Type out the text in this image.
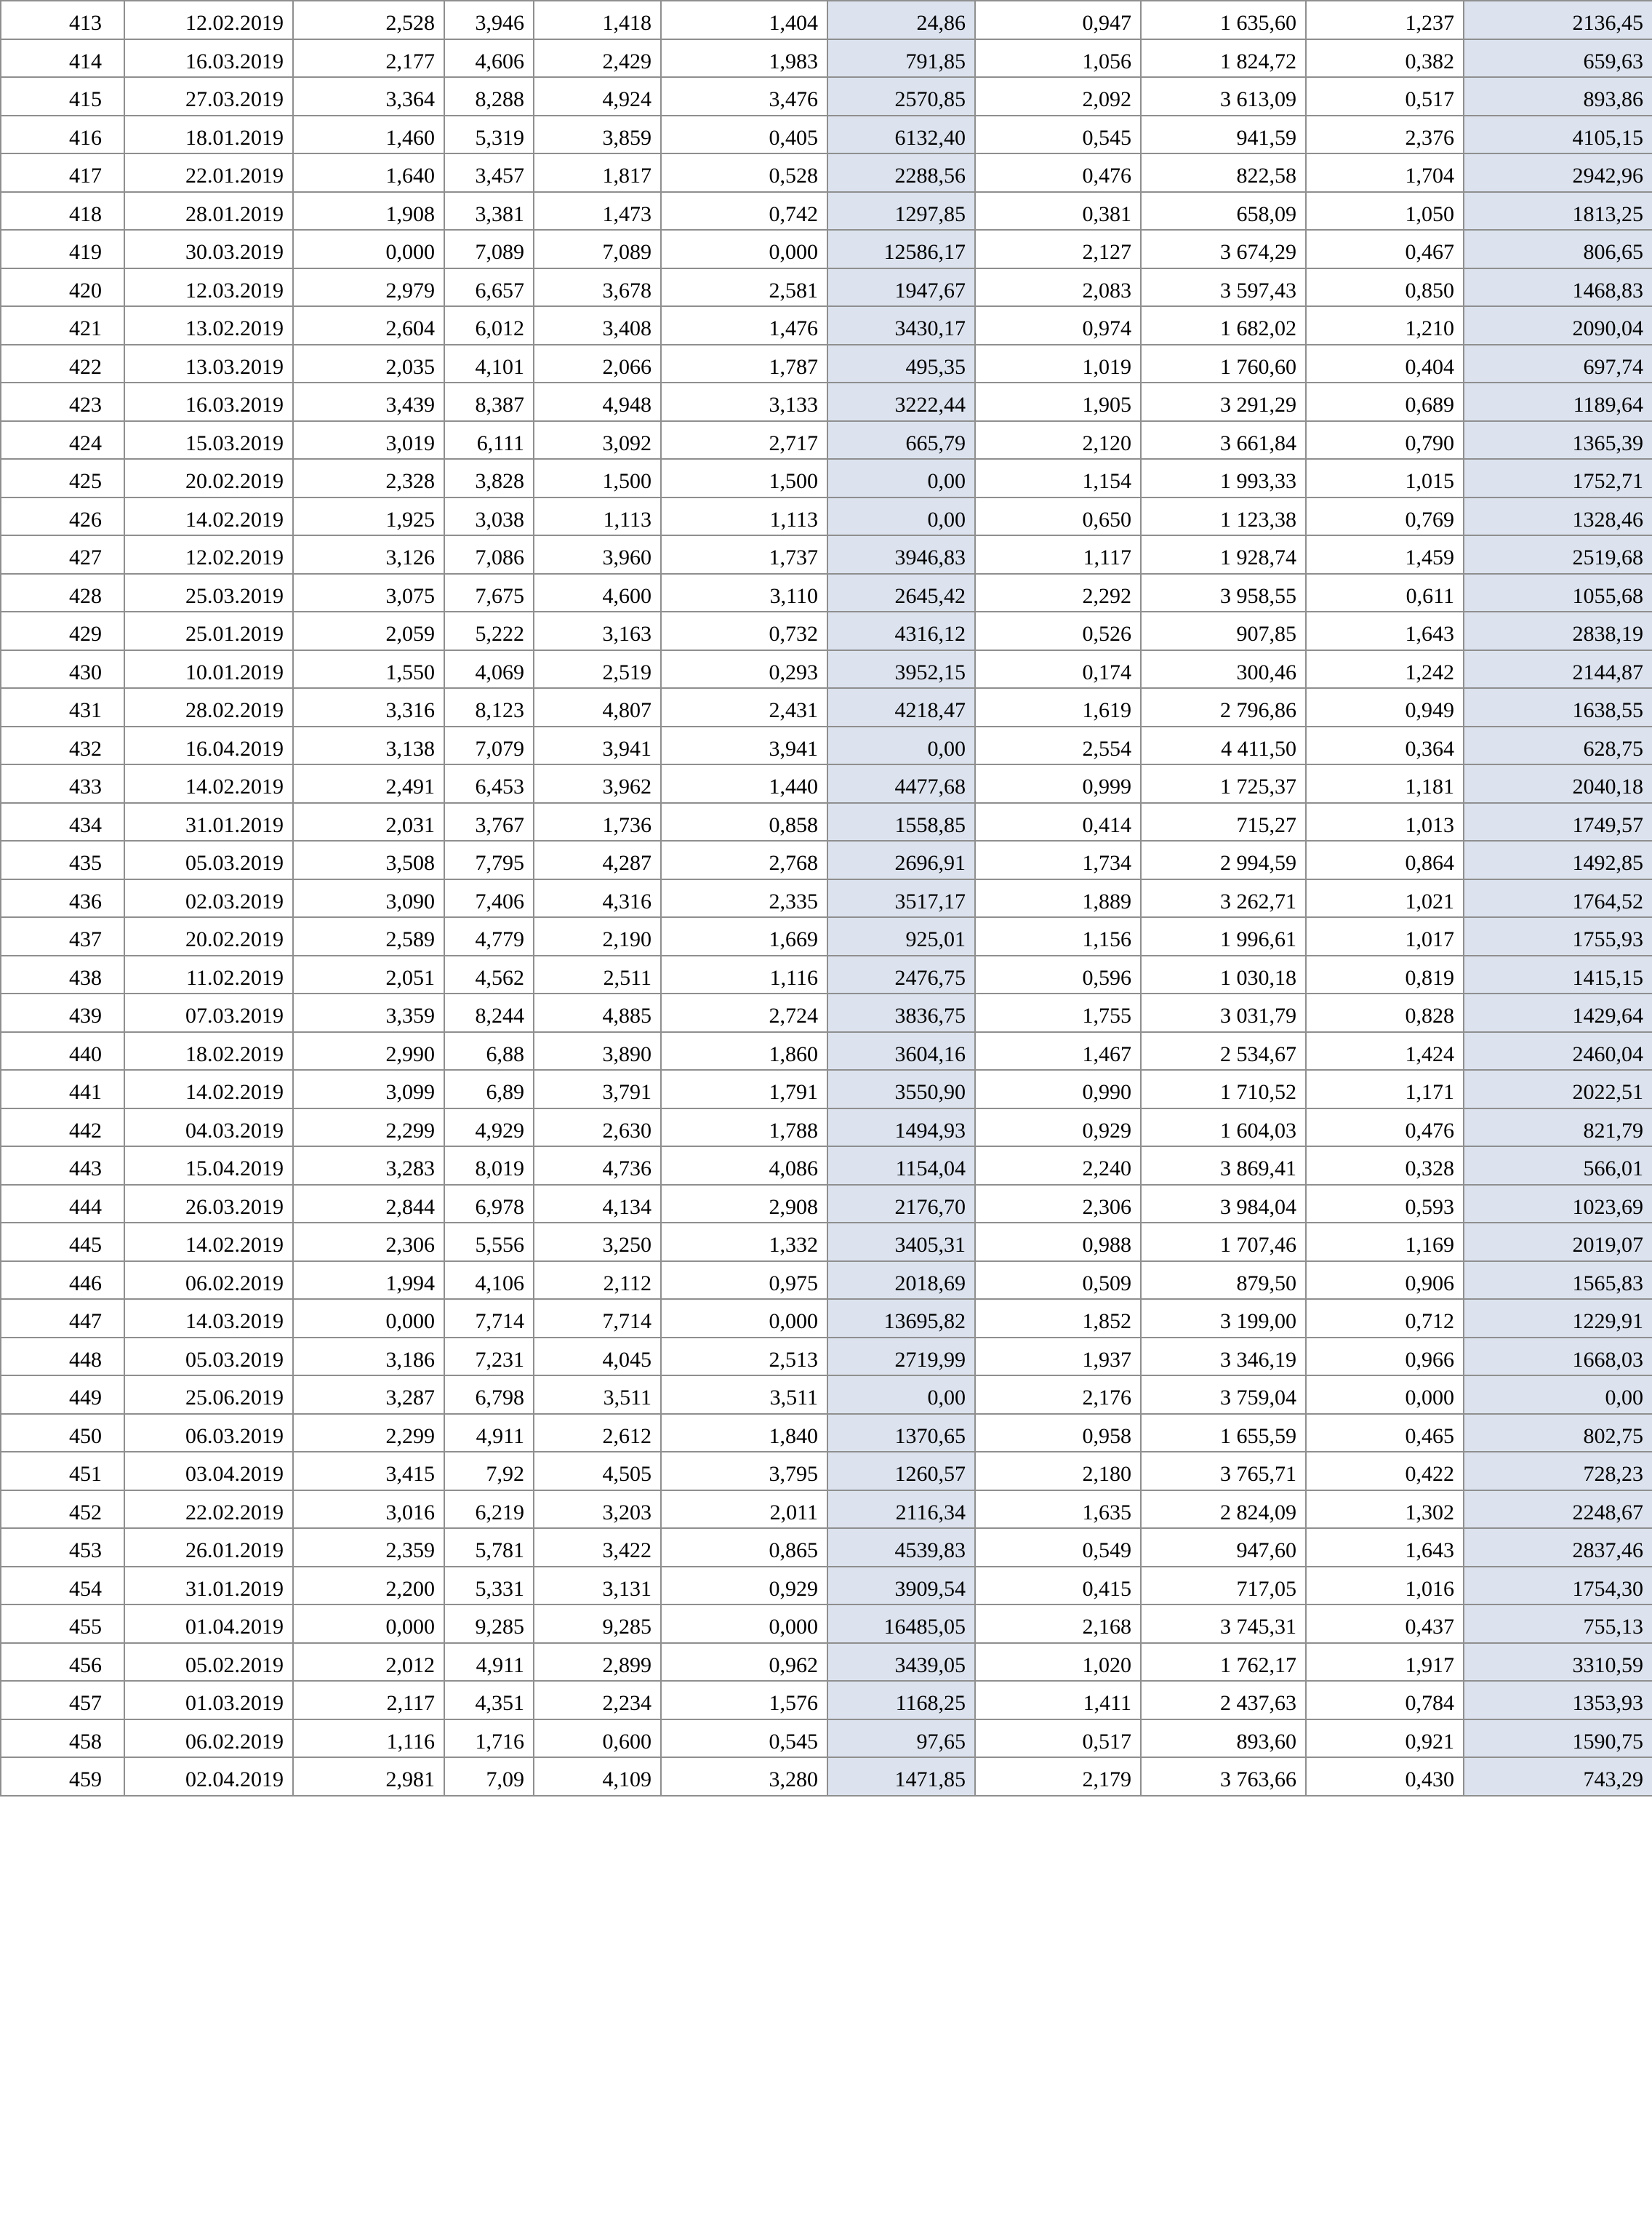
413	12.02.2019	2,528	3,946	1,418	1,404	24,86	0,947	1 635,60	1,237	2136,45
414	16.03.2019	2,177	4,606	2,429	1,983	791,85	1,056	1 824,72	0,382	659,63
415	27.03.2019	3,364	8,288	4,924	3,476	2570,85	2,092	3 613,09	0,517	893,86
416	18.01.2019	1,460	5,319	3,859	0,405	6132,40	0,545	941,59	2,376	4105,15
417	22.01.2019	1,640	3,457	1,817	0,528	2288,56	0,476	822,58	1,704	2942,96
418	28.01.2019	1,908	3,381	1,473	0,742	1297,85	0,381	658,09	1,050	1813,25
419	30.03.2019	0,000	7,089	7,089	0,000	12586,17	2,127	3 674,29	0,467	806,65
420	12.03.2019	2,979	6,657	3,678	2,581	1947,67	2,083	3 597,43	0,850	1468,83
421	13.02.2019	2,604	6,012	3,408	1,476	3430,17	0,974	1 682,02	1,210	2090,04
422	13.03.2019	2,035	4,101	2,066	1,787	495,35	1,019	1 760,60	0,404	697,74
423	16.03.2019	3,439	8,387	4,948	3,133	3222,44	1,905	3 291,29	0,689	1189,64
424	15.03.2019	3,019	6,111	3,092	2,717	665,79	2,120	3 661,84	0,790	1365,39
425	20.02.2019	2,328	3,828	1,500	1,500	0,00	1,154	1 993,33	1,015	1752,71
426	14.02.2019	1,925	3,038	1,113	1,113	0,00	0,650	1 123,38	0,769	1328,46
427	12.02.2019	3,126	7,086	3,960	1,737	3946,83	1,117	1 928,74	1,459	2519,68
428	25.03.2019	3,075	7,675	4,600	3,110	2645,42	2,292	3 958,55	0,611	1055,68
429	25.01.2019	2,059	5,222	3,163	0,732	4316,12	0,526	907,85	1,643	2838,19
430	10.01.2019	1,550	4,069	2,519	0,293	3952,15	0,174	300,46	1,242	2144,87
431	28.02.2019	3,316	8,123	4,807	2,431	4218,47	1,619	2 796,86	0,949	1638,55
432	16.04.2019	3,138	7,079	3,941	3,941	0,00	2,554	4 411,50	0,364	628,75
433	14.02.2019	2,491	6,453	3,962	1,440	4477,68	0,999	1 725,37	1,181	2040,18
434	31.01.2019	2,031	3,767	1,736	0,858	1558,85	0,414	715,27	1,013	1749,57
435	05.03.2019	3,508	7,795	4,287	2,768	2696,91	1,734	2 994,59	0,864	1492,85
436	02.03.2019	3,090	7,406	4,316	2,335	3517,17	1,889	3 262,71	1,021	1764,52
437	20.02.2019	2,589	4,779	2,190	1,669	925,01	1,156	1 996,61	1,017	1755,93
438	11.02.2019	2,051	4,562	2,511	1,116	2476,75	0,596	1 030,18	0,819	1415,15
439	07.03.2019	3,359	8,244	4,885	2,724	3836,75	1,755	3 031,79	0,828	1429,64
440	18.02.2019	2,990	6,88	3,890	1,860	3604,16	1,467	2 534,67	1,424	2460,04
441	14.02.2019	3,099	6,89	3,791	1,791	3550,90	0,990	1 710,52	1,171	2022,51
442	04.03.2019	2,299	4,929	2,630	1,788	1494,93	0,929	1 604,03	0,476	821,79
443	15.04.2019	3,283	8,019	4,736	4,086	1154,04	2,240	3 869,41	0,328	566,01
444	26.03.2019	2,844	6,978	4,134	2,908	2176,70	2,306	3 984,04	0,593	1023,69
445	14.02.2019	2,306	5,556	3,250	1,332	3405,31	0,988	1 707,46	1,169	2019,07
446	06.02.2019	1,994	4,106	2,112	0,975	2018,69	0,509	879,50	0,906	1565,83
447	14.03.2019	0,000	7,714	7,714	0,000	13695,82	1,852	3 199,00	0,712	1229,91
448	05.03.2019	3,186	7,231	4,045	2,513	2719,99	1,937	3 346,19	0,966	1668,03
449	25.06.2019	3,287	6,798	3,511	3,511	0,00	2,176	3 759,04	0,000	0,00
450	06.03.2019	2,299	4,911	2,612	1,840	1370,65	0,958	1 655,59	0,465	802,75
451	03.04.2019	3,415	7,92	4,505	3,795	1260,57	2,180	3 765,71	0,422	728,23
452	22.02.2019	3,016	6,219	3,203	2,011	2116,34	1,635	2 824,09	1,302	2248,67
453	26.01.2019	2,359	5,781	3,422	0,865	4539,83	0,549	947,60	1,643	2837,46
454	31.01.2019	2,200	5,331	3,131	0,929	3909,54	0,415	717,05	1,016	1754,30
455	01.04.2019	0,000	9,285	9,285	0,000	16485,05	2,168	3 745,31	0,437	755,13
456	05.02.2019	2,012	4,911	2,899	0,962	3439,05	1,020	1 762,17	1,917	3310,59
457	01.03.2019	2,117	4,351	2,234	1,576	1168,25	1,411	2 437,63	0,784	1353,93
458	06.02.2019	1,116	1,716	0,600	0,545	97,65	0,517	893,60	0,921	1590,75
459	02.04.2019	2,981	7,09	4,109	3,280	1471,85	2,179	3 763,66	0,430	743,29
